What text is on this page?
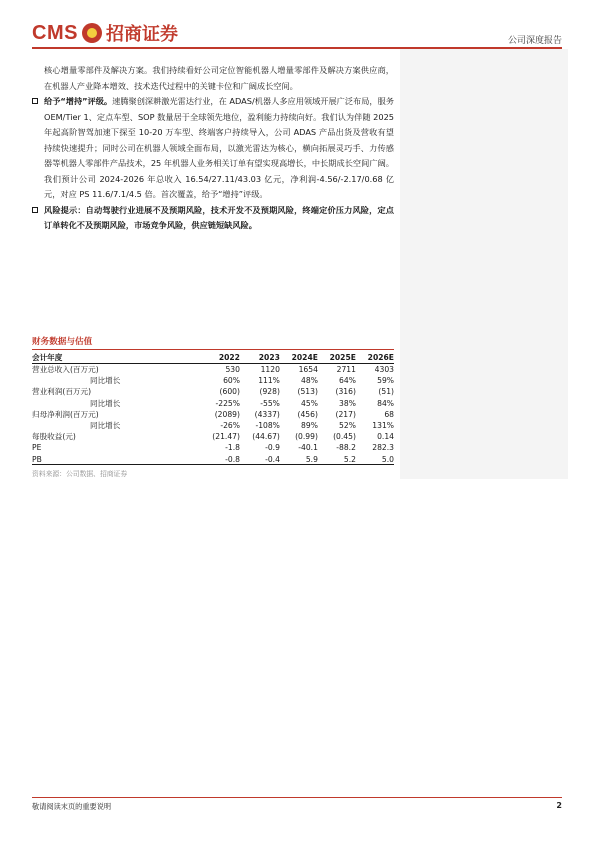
CMS 招商证券	公司深度报告

核心增量零部件及解决方案。我们持续看好公司定位智能机器人增量零部件及解决方案供应商，在机器人产业降本增效、技术迭代过程中的关键卡位和广阔成长空间。

给予“增持”评级。速腾聚创深耕激光雷达行业，在 ADAS/机器人多应用领域开展广泛布局，服务 OEM/Tier 1、定点车型、SOP 数量居于全球领先地位，盈利能力持续向好。我们认为伴随 2025 年起高阶智驾加速下探至 10-20 万车型、终端客户持续导入，公司 ADAS 产品出货及营收有望持续快速提升；同时公司在机器人领域全面布局，以激光雷达为核心，横向拓展灵巧手、力传感器等机器人零部件产品技术，25 年机器人业务相关订单有望实现高增长，中长期成长空间广阔。我们预计公司 2024-2026 年总收入 16.54/27.11/43.03 亿元，净利润-4.56/-2.17/0.68 亿元，对应 PS 11.6/7.1/4.5 倍。首次覆盖，给予“增持”评级。

风险提示：自动驾驶行业进展不及预期风险，技术开发不及预期风险，终端定价压力风险，定点订单转化不及预期风险，市场竞争风险，供应链短缺风险。

财务数据与估值
会计年度	2022	2023	2024E	2025E	2026E
营业总收入(百万元)	530	1120	1654	2711	4303
同比增长	60%	111%	48%	64%	59%
营业利润(百万元)	(600)	(928)	(513)	(316)	(51)
同比增长	-225%	-55%	45%	38%	84%
归母净利润(百万元)	(2089)	(4337)	(456)	(217)	68
同比增长	-26%	-108%	89%	52%	131%
每股收益(元)	(21.47)	(44.67)	(0.99)	(0.45)	0.14
PE	-1.8	-0.9	-40.1	-88.2	282.3
PB	-0.8	-0.4	5.9	5.2	5.0
资料来源：公司数据、招商证券
敬请阅读末页的重要说明	2
